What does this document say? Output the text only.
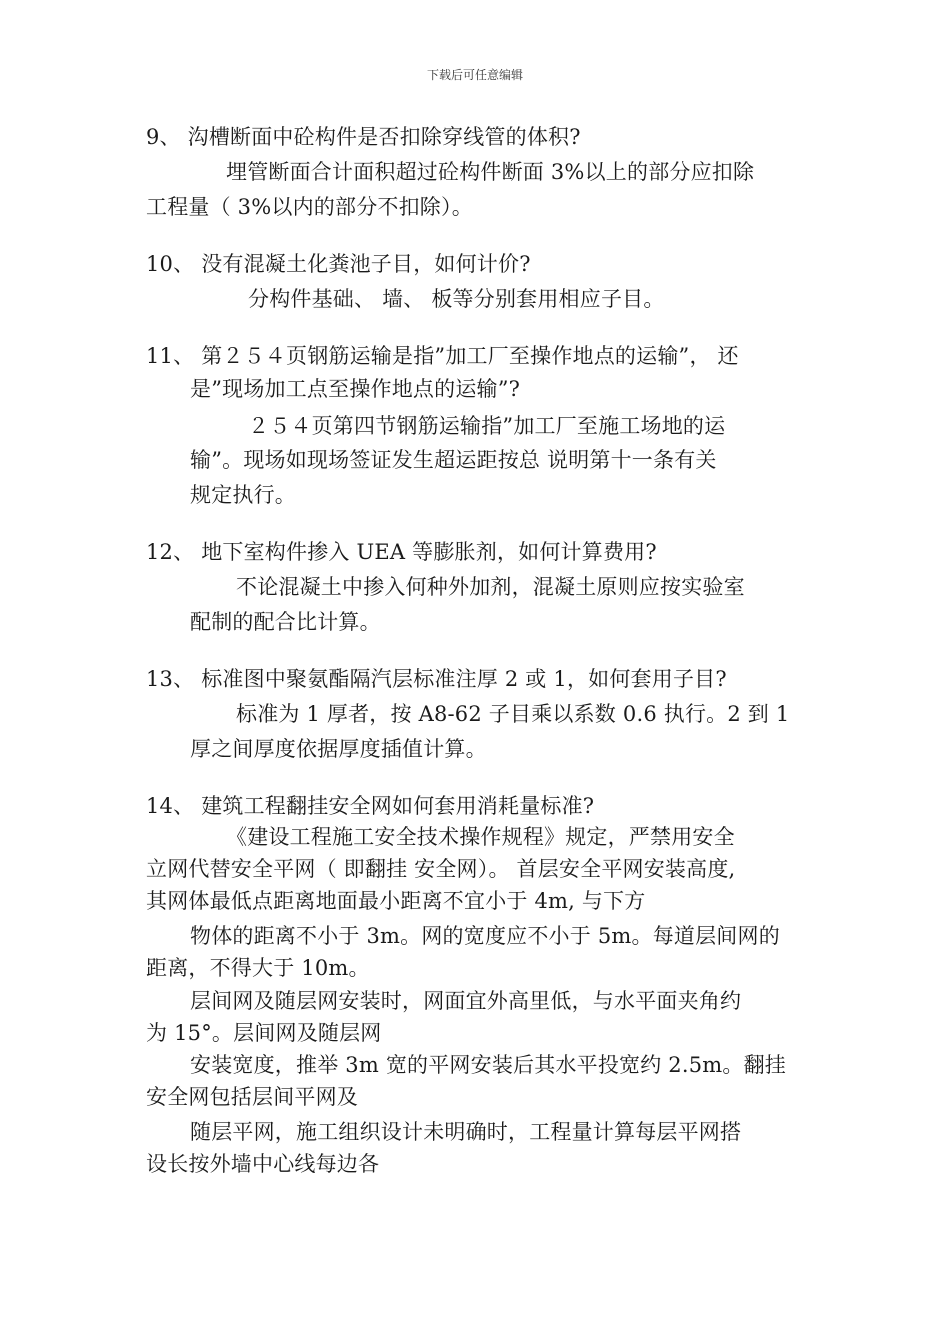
下载后可任意编辑
9、 沟槽断面中砼构件是否扣除穿线管的体积?
埋管断面合计面积超过砼构件断面 3%以上的部分应扣除
工程量（ 3%以内的部分不扣除）。
10、 没有混凝土化粪池子目，如何计价?
分构件基础、 墙、 板等分别套用相应子目。
11、 第２５４页钢筋运输是指”加工厂至操作地点的运输”， 还
是”现场加工点至操作地点的运输”?
２５４页第四节钢筋运输指”加工厂至施工场地的运
输”。现场如现场签证发生超运距按总 说明第十一条有关
规定执行。
12、 地下室构件掺入 UEA 等膨胀剂，如何计算费用?
不论混凝土中掺入何种外加剂，混凝土原则应按实验室
配制的配合比计算。
13、 标准图中聚氨酯隔汽层标准注厚 2 或 1，如何套用子目?
标准为 1 厚者，按 A8-62 子目乘以系数 0.6 执行。2 到 1
厚之间厚度依据厚度插值计算。
14、 建筑工程翻挂安全网如何套用消耗量标准?
《建设工程施工安全技术操作规程》规定，严禁用安全
立网代替安全平网（ 即翻挂 安全网）。 首层安全平网安装高度,
其网体最低点距离地面最小距离不宜小于 4m, 与下方
物体的距离不小于 3m。网的宽度应不小于 5m。每道层间网的
距离，不得大于 10m。
层间网及随层网安装时，网面宜外高里低，与水平面夹角约
为 15°。层间网及随层网
安装宽度，推举 3m 宽的平网安装后其水平投宽约 2.5m。翻挂
安全网包括层间平网及
随层平网，施工组织设计未明确时，工程量计算每层平网搭
设长按外墙中心线每边各
